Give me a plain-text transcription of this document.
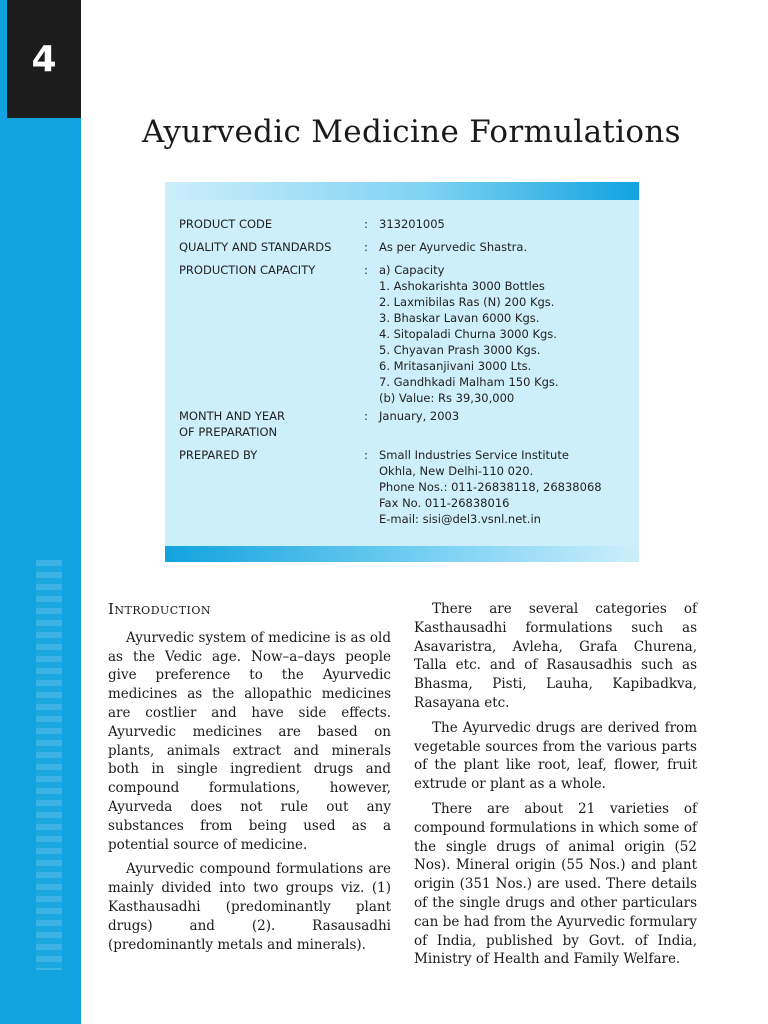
4
Ayurvedic Medicine Formulations
PRODUCT CODE	: 313201005
QUALITY AND STANDARDS	: As per Ayurvedic Shastra.
PRODUCTION CAPACITY	: a) Capacity
1. Ashokarishta 3000 Bottles
2. Laxmibilas Ras (N) 200 Kgs.
3. Bhaskar Lavan 6000 Kgs.
4. Sitopaladi Churna 3000 Kgs.
5. Chyavan Prash 3000 Kgs.
6. Mritasanjivani 3000 Lts.
7. Gandhkadi Malham 150 Kgs.
(b) Value: Rs 39,30,000
MONTH AND YEAR
OF PREPARATION
: January, 2003
PREPARED BY	: Small Industries Service Institute
Okhla, New Delhi-110 020.
Phone Nos.: 011-26838118, 26838068
Fax No. 011-26838016
E-mail: sisi@del3.vsnl.net.in
Introduction

Ayurvedic system of medicine is as old as the Vedic age. Now–a–days people give preference to the Ayurvedic medicines as the allopathic medicines are costlier and have side effects. Ayurvedic medicines are based on plants, animals extract and minerals both in single ingredient drugs and compound formulations, however, Ayurveda does not rule out any substances from being used as a potential source of medicine.

Ayurvedic compound formulations are mainly divided into two groups viz. (1) Kasthausadhi (predominantly plant drugs) and (2). Rasausadhi (predominantly metals and minerals).

There are several categories of Kasthausadhi formulations such as Asavaristra, Avleha, Grafa Churena, Talla etc. and of Rasausadhis such as Bhasma, Pisti, Lauha, Kapibadkva, Rasayana etc.

The Ayurvedic drugs are derived from vegetable sources from the various parts of the plant like root, leaf, flower, fruit extrude or plant as a whole.

There are about 21 varieties of compound formulations in which some of the single drugs of animal origin (52 Nos). Mineral origin (55 Nos.) and plant origin (351 Nos.) are used. There details of the single drugs and other particulars can be had from the Ayurvedic formulary of India, published by Govt. of India, Ministry of Health and Family Welfare.
